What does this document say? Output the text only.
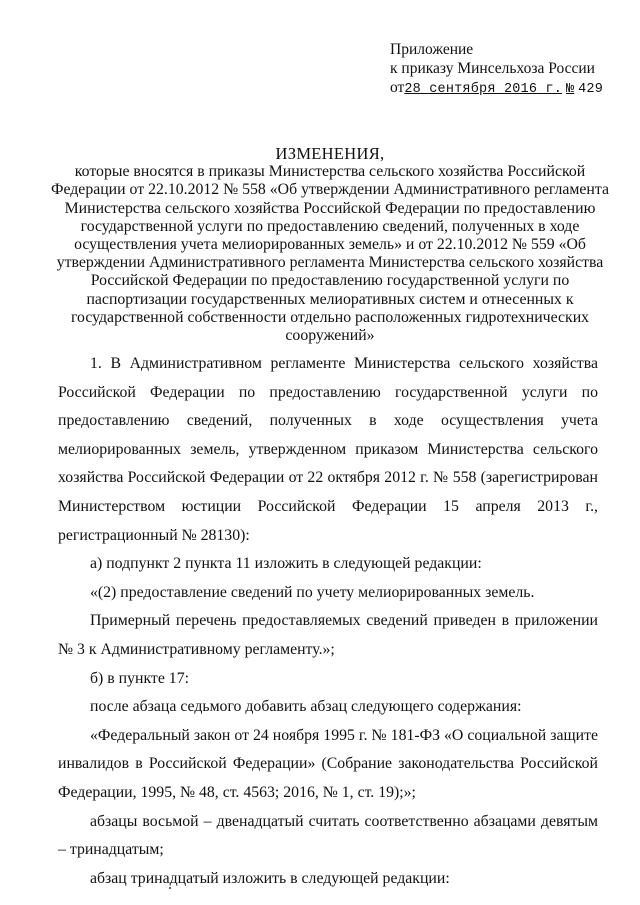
Приложение
к приказу Минсельхоза России
от28 сентября 2016 г. № 429
ИЗМЕНЕНИЯ,
которые вносятся в приказы Министерства сельского хозяйства Российской Федерации от 22.10.2012 № 558 «Об утверждении Административного регламента Министерства сельского хозяйства Российской Федерации по предоставлению государственной услуги по предоставлению сведений, полученных в ходе осуществления учета мелиорированных земель» и от 22.10.2012 № 559 «Об утверждении Административного регламента Министерства сельского хозяйства Российской Федерации по предоставлению государственной услуги по паспортизации государственных мелиоративных систем и отнесенных к государственной собственности отдельно расположенных гидротехнических сооружений»

1. В Административном регламенте Министерства сельского хозяйства Российской Федерации по предоставлению государственной услуги по предоставлению сведений, полученных в ходе осуществления учета мелиорированных земель, утвержденном приказом Министерства сельского хозяйства Российской Федерации от 22 октября 2012 г. № 558 (зарегистрирован Министерством юстиции Российской Федерации 15 апреля 2013 г., регистрационный № 28130):

а) подпункт 2 пункта 11 изложить в следующей редакции:

«(2) предоставление сведений по учету мелиорированных земель.

Примерный перечень предоставляемых сведений приведен в приложении № 3 к Административному регламенту.»;

б) в пункте 17:

после абзаца седьмого добавить абзац следующего содержания:

«Федеральный закон от 24 ноября 1995 г. № 181-ФЗ «О социальной защите инвалидов в Российской Федерации» (Собрание законодательства Российской Федерации, 1995, № 48, ст. 4563; 2016, № 1, ст. 19);»;

абзацы восьмой – двенадцатый считать соответственно абзацами девятым – тринадцатым;

абзац тринадцатый изложить в следующей редакции:
